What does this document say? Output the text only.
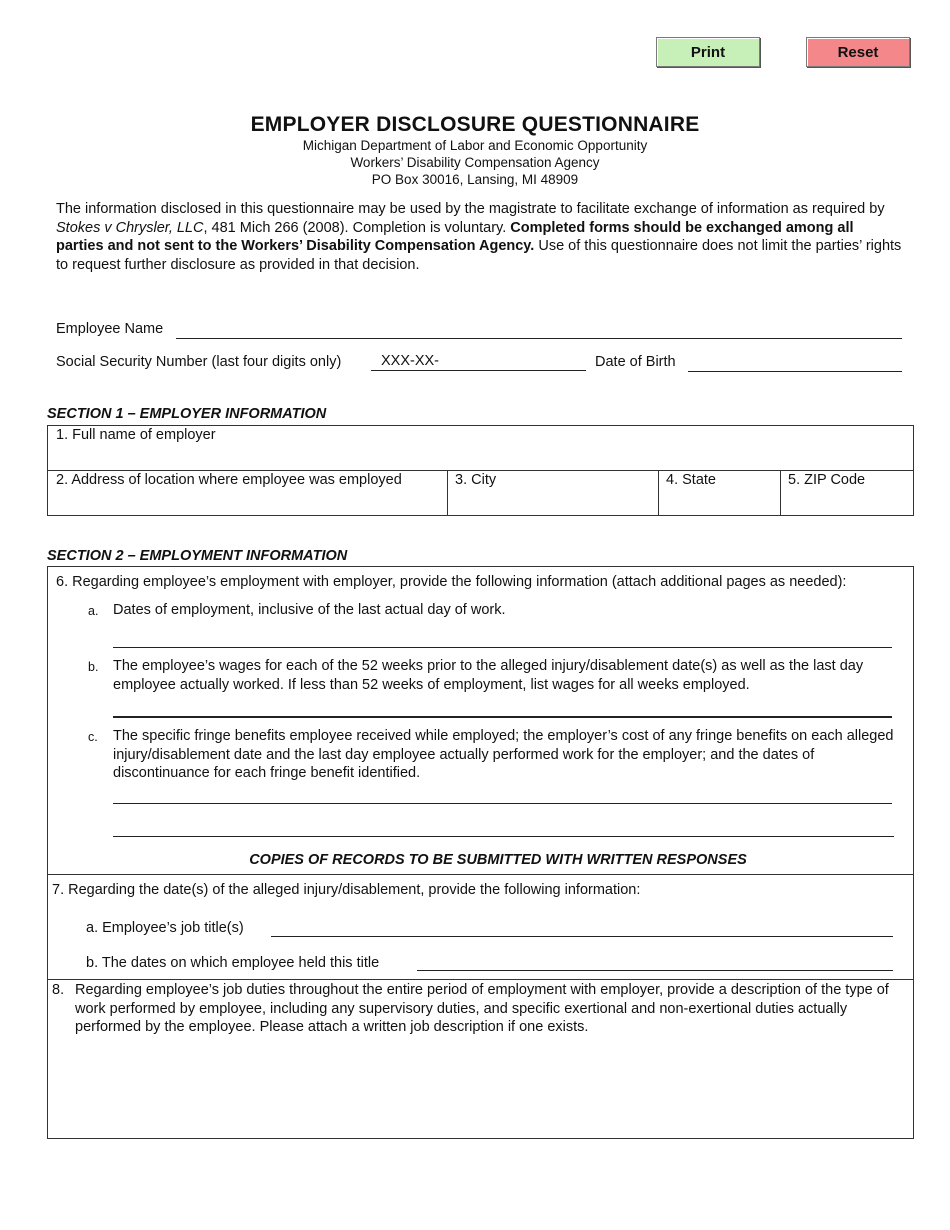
Print	Reset
EMPLOYER DISCLOSURE QUESTIONNAIRE
Michigan Department of Labor and Economic Opportunity
Workers’ Disability Compensation Agency
PO Box 30016, Lansing, MI 48909
The information disclosed in this questionnaire may be used by the magistrate to facilitate exchange of information as required by Stokes v Chrysler, LLC, 481 Mich 266 (2008). Completion is voluntary. Completed forms should be exchanged among all parties and not sent to the Workers’ Disability Compensation Agency. Use of this questionnaire does not limit the parties’ rights to request further disclosure as provided in that decision.
Employee Name
Social Security Number (last four digits only)	XXX-XX-	Date of Birth
SECTION 1 – EMPLOYER INFORMATION
1. Full name of employer
2. Address of location where employee was employed	3. City	4. State	5. ZIP Code
SECTION 2 – EMPLOYMENT INFORMATION
6. Regarding employee’s employment with employer, provide the following information (attach additional pages as needed):
a. Dates of employment, inclusive of the last actual day of work.
b. The employee’s wages for each of the 52 weeks prior to the alleged injury/disablement date(s) as well as the last day employee actually worked. If less than 52 weeks of employment, list wages for all weeks employed.
c. The specific fringe benefits employee received while employed; the employer’s cost of any fringe benefits on each alleged injury/disablement date and the last day employee actually performed work for the employer; and the dates of discontinuance for each fringe benefit identified.
COPIES OF RECORDS TO BE SUBMITTED WITH WRITTEN RESPONSES
7. Regarding the date(s) of the alleged injury/disablement, provide the following information:
a. Employee’s job title(s)
b. The dates on which employee held this title
8. Regarding employee’s job duties throughout the entire period of employment with employer, provide a description of the type of work performed by employee, including any supervisory duties, and specific exertional and non-exertional duties actually performed by the employee. Please attach a written job description if one exists.
